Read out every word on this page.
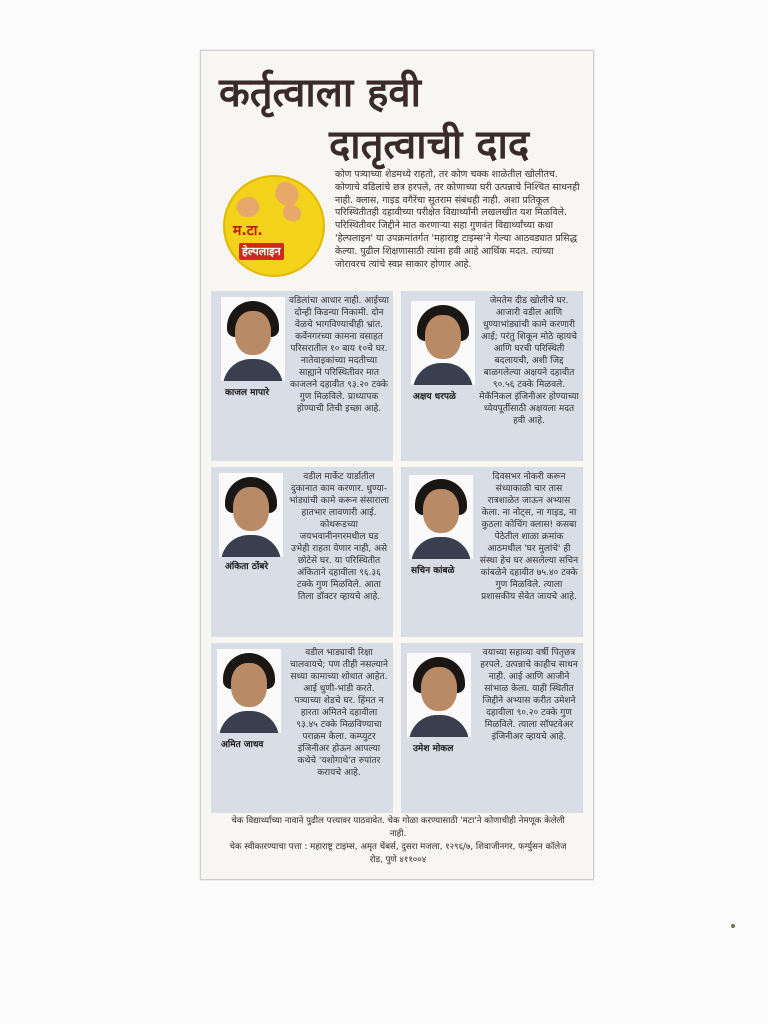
कर्तृत्वाला हवी
दातृत्वाची दाद
म.टा.
हेल्पलाइन
कोण पत्र्याच्या शेडमध्ये राहतो, तर कोण चक्क शाळेतील खोलीतच. कोणाचे वडिलांचे छत्र हरपले, तर कोणाच्या घरी उत्पन्नाचे निश्चित साधनही नाही. क्लास, गाइड वगैरेंचा सुतराम संबंधही नाही. अशा प्रतिकूल परिस्थितीतही दहावीच्या परीक्षेत विद्यार्थ्यांनी लखलखीत यश मिळविले. परिस्थितीवर जिद्दीने मात करणाऱ्या सहा गुणवंत विद्यार्थ्यांच्या कथा 'हेल्पलाइन' या उपक्रमांतर्गत 'महाराष्ट्र टाइम्स'ने गेल्या आठवड्यात प्रसिद्ध केल्या. पुढील शिक्षणासाठी त्यांना हवी आहे आर्थिक मदत. त्यांच्या जोरावरच त्यांचे स्वप्न साकार होणार आहे.
काजल मापारे
वडिलांचा आधार नाही. आईच्या दोन्ही किडन्या निकामी. दोन वेळचे भागविण्याचीही भ्रांत. कर्वेनगरच्या कामना वसाहत परिसरातील १० बाय १०चे घर. नातेवाइकांच्या मदतीच्या साह्याने परिस्थितीवर मात काजलने दहावीत ९३.२० टक्के गुण मिळविले. प्राध्यापक होण्याची तिची इच्छा आहे.
अक्षय धरपळे
जेमतेम दीड खोलीचे घर. आजारी वडील आणि धुण्याभांड्यांची कामे करणारी आई; परंतु शिकून मोठे व्हायचे आणि घरची परिस्थिती बदलायची, अशी जिद्द बाळगलेल्या अक्षयने दहावीत ९०.५६ टक्के मिळवले. मेकॅनिकल इंजिनीअर होण्याच्या ध्येयपूर्तीसाठी अक्षयला मदत हवी आहे.
अंकिता ठोंबरे
वडील मार्केट यार्डातील दुकानात काम करणार. धुण्या-भांड्यांची कामे करून संसाराला हातभार लावणारी आई. कोथरूडच्या जयभवानीनगरमधील घड उभेही राहता येणार नाही, असे छोटेसे घर. या परिस्थितीत अंकिताने दहावीला ९६.३६ टक्के गुण मिळविले. आता तिला डॉक्टर व्हायचे आहे.
सचिन कांबळे
दिवसभर नोकरी करून संध्याकाळी चार तास रात्रशाळेत जाऊन अभ्यास केला. ना नोट्स, ना गाइड, ना कुठला कोचिंग क्लास! कसबा पेठेतील शाळा क्रमांक आठमधील 'घर मुलांचे' ही संस्था हेच घर असलेल्या सचिन कांबळेने दहावीत ७५.४० टक्के गुण मिळविले. त्याला प्रशासकीय सेवेत जायचे आहे.
अमित जाधव
वडील भाड्याची रिक्षा चालवायचे; पण तीही नसल्याने सध्या कामाच्या शोधात आहेत. आई धुणी-भांडी करते. पत्र्याच्या शेडचे घर. हिंमत न हारता अमितने दहावीला ९३.४५ टक्के मिळविण्याचा पराक्रम केला. कम्प्युटर इंजिनीअर होऊन आपल्या कथेचे 'यशोगाथे'त रुपांतर करायचे आहे.
उमेश मोकल
वयाच्या सहाव्या वर्षी पितृछत्र हरपले. उत्पन्नाचे काहीच साधन नाही. आई आणि आजीने सांभाळ केला. याही स्थितीत जिद्दीने अभ्यास करीत उमेशने दहावीला ९०.२० टक्के गुण मिळविले. त्याला सॉफ्टवेअर इंजिनीअर व्हायचे आहे.

चेक विद्यार्थ्यांच्या नावाने पुढील पत्त्यावर पाठवावेत. चेक गोळा करण्यासाठी 'मटा'ने कोणाचीही नेमणूक केलेली नाही.

चेक स्वीकारण्याचा पत्ता : महाराष्ट्र टाइम्स, अमृत चेंबर्स, दुसरा मजला, १२९६/७, शिवाजीनगर, फर्ग्युसन कॉलेज रोड, पुणे ४११००४
